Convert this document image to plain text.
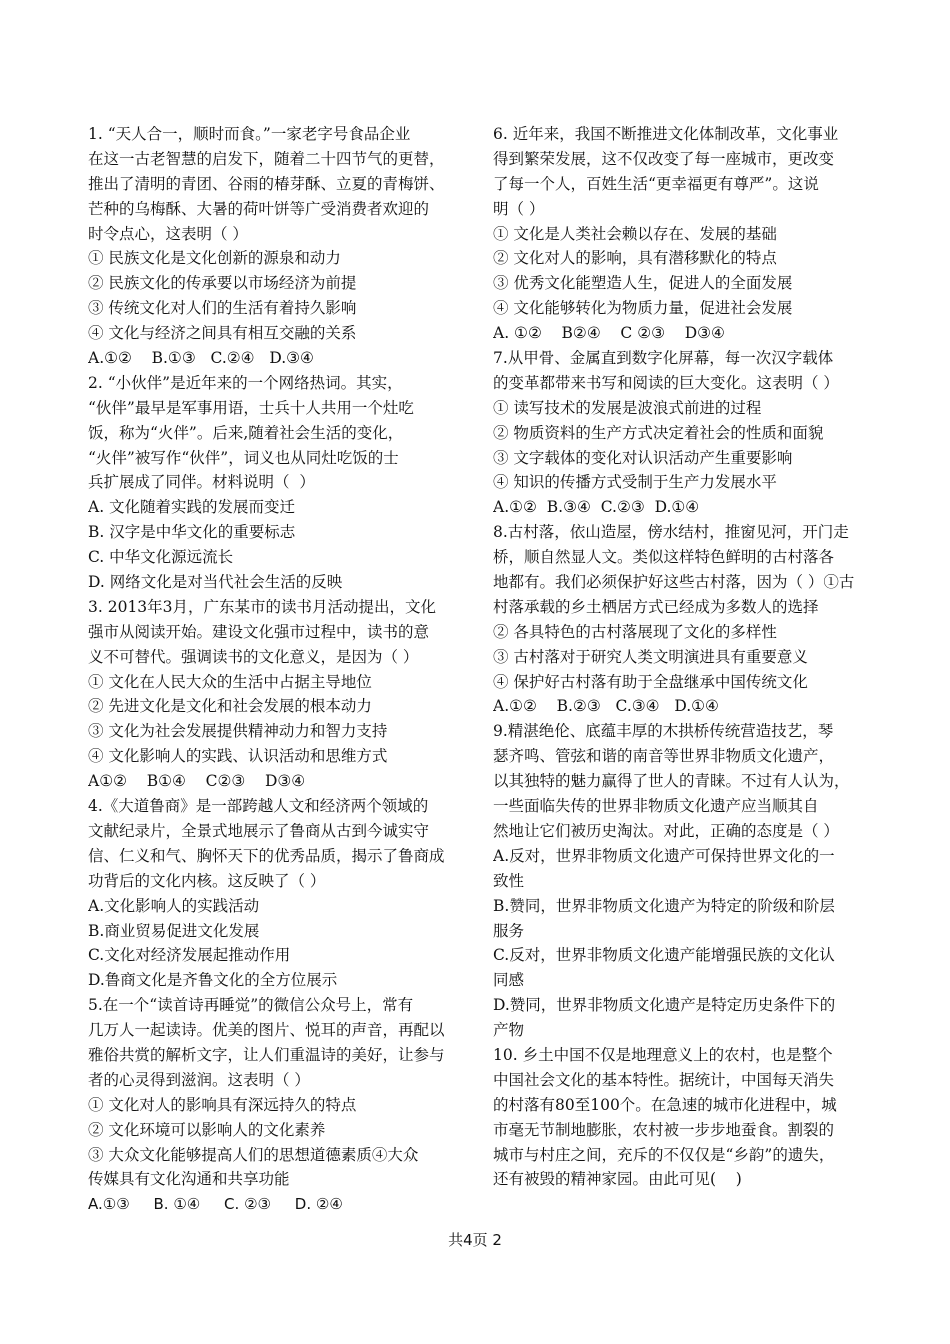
1. “天人合一，顺时而食。”一家老字号食品企业
在这一古老智慧的启发下，随着二十四节气的更替，
推出了清明的青团、谷雨的椿芽酥、立夏的青梅饼、
芒种的乌梅酥、大暑的荷叶饼等广受消费者欢迎的
时令点心，这表明（ ）
① 民族文化是文化创新的源泉和动力
② 民族文化的传承要以市场经济为前提
③ 传统文化对人们的生活有着持久影响
④ 文化与经济之间具有相互交融的关系
A.①②    B.①③   C.②④   D.③④
2. “小伙伴”是近年来的一个网络热词。其实，
“伙伴”最早是军事用语，士兵十人共用一个灶吃
饭，称为“火伴”。后来,随着社会生活的变化，
“火伴”被写作“伙伴”，词义也从同灶吃饭的士
兵扩展成了同伴。材料说明（  ）
A. 文化随着实践的发展而变迁
B. 汉字是中华文化的重要标志
C. 中华文化源远流长
D. 网络文化是对当代社会生活的反映
3. 2013年3月，广东某市的读书月活动提出，文化
强市从阅读开始。建设文化强市过程中，读书的意
义不可替代。强调读书的文化意义，是因为（ ）
① 文化在人民大众的生活中占据主导地位
② 先进文化是文化和社会发展的根本动力
③ 文化为社会发展提供精神动力和智力支持
④ 文化影响人的实践、认识活动和思维方式
A①②    B①④    C②③    D③④
4.《大道鲁商》是一部跨越人文和经济两个领域的
文献纪录片，全景式地展示了鲁商从古到今诚实守
信、仁义和气、胸怀天下的优秀品质，揭示了鲁商成
功背后的文化内核。这反映了（ ）
A.文化影响人的实践活动
B.商业贸易促进文化发展
C.文化对经济发展起推动作用
D.鲁商文化是齐鲁文化的全方位展示
5.在一个“读首诗再睡觉”的微信公众号上，常有
几万人一起读诗。优美的图片、悦耳的声音，再配以
雅俗共赏的解析文字，让人们重温诗的美好，让参与
者的心灵得到滋润。这表明（ ）
① 文化对人的影响具有深远持久的特点
② 文化环境可以影响人的文化素养
③ 大众文化能够提高人们的思想道德素质④大众
传媒具有文化沟通和共享功能
A.①③     B. ①④     C. ②③     D. ②④
6. 近年来，我国不断推进文化体制改革，文化事业
得到繁荣发展，这不仅改变了每一座城市，更改变
了每一个人，百姓生活“更幸福更有尊严”。这说
明（ ）
① 文化是人类社会赖以存在、发展的基础
② 文化对人的影响，具有潜移默化的特点
③ 优秀文化能塑造人生，促进人的全面发展
④ 文化能够转化为物质力量，促进社会发展
A. ①②    B②④    C ②③    D③④
7.从甲骨、金属直到数字化屏幕，每一次汉字载体
的变革都带来书写和阅读的巨大变化。这表明（ ）
① 读写技术的发展是波浪式前进的过程
② 物质资料的生产方式决定着社会的性质和面貌
③ 文字载体的变化对认识活动产生重要影响
④ 知识的传播方式受制于生产力发展水平
A.①②  B.③④  C.②③  D.①④
8.古村落，依山造屋，傍水结村，推窗见河，开门走
桥，顺自然显人文。类似这样特色鲜明的古村落各
地都有。我们必须保护好这些古村落，因为（ ）①古
村落承载的乡土栖居方式已经成为多数人的选择
② 各具特色的古村落展现了文化的多样性
③ 古村落对于研究人类文明演进具有重要意义
④ 保护好古村落有助于全盘继承中国传统文化
A.①②    B.②③   C.③④   D.①④
9.精湛绝伦、底蕴丰厚的木拱桥传统营造技艺，琴
瑟齐鸣、管弦和谐的南音等世界非物质文化遗产，
以其独特的魅力赢得了世人的青睐。不过有人认为，
一些面临失传的世界非物质文化遗产应当顺其自
然地让它们被历史淘汰。对此，正确的态度是（ ）
A.反对，世界非物质文化遗产可保持世界文化的一
致性
B.赞同，世界非物质文化遗产为特定的阶级和阶层
服务
C.反对，世界非物质文化遗产能增强民族的文化认
同感
D.赞同，世界非物质文化遗产是特定历史条件下的
产物
10. 乡土中国不仅是地理意义上的农村，也是整个
中国社会文化的基本特性。据统计，中国每天消失
的村落有80至100个。在急速的城市化进程中，城
市毫无节制地膨胀，农村被一步步地蚕食。割裂的
城市与村庄之间，充斥的不仅仅是“乡韵”的遗失，
还有被毁的精神家园。由此可见(    )
共4页 2
